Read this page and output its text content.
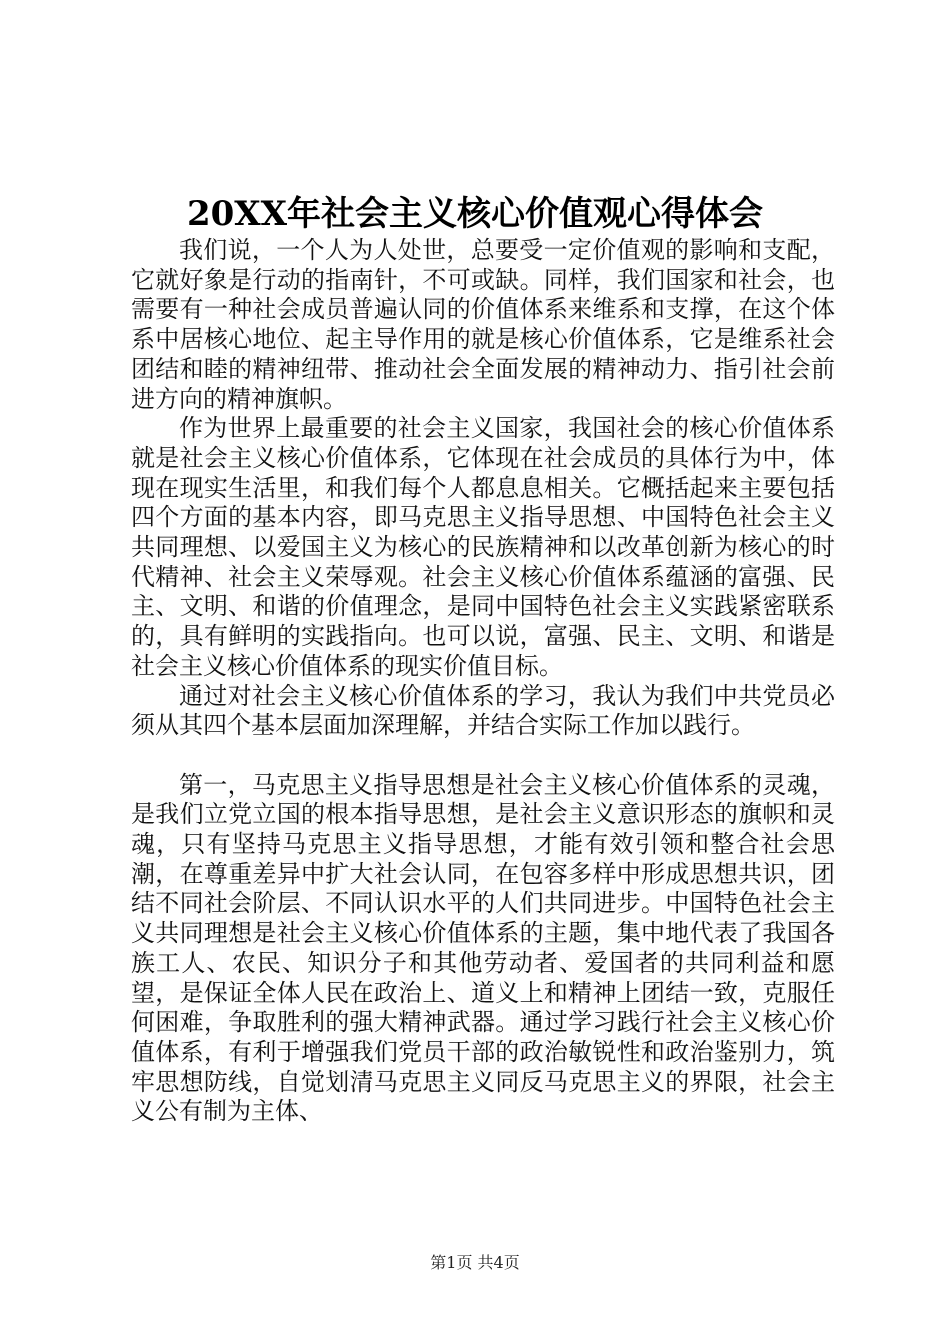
20XX年社会主义核心价值观心得体会

我们说，一个人为人处世，总要受一定价值观的影响和支配，它就好象是行动的指南针，不可或缺。同样，我们国家和社会，也需要有一种社会成员普遍认同的价值体系来维系和支撑，在这个体系中居核心地位、起主导作用的就是核心价值体系，它是维系社会团结和睦的精神纽带、推动社会全面发展的精神动力、指引社会前进方向的精神旗帜。

作为世界上最重要的社会主义国家，我国社会的核心价值体系就是社会主义核心价值体系，它体现在社会成员的具体行为中，体现在现实生活里，和我们每个人都息息相关。它概括起来主要包括四个方面的基本内容，即马克思主义指导思想、中国特色社会主义共同理想、以爱国主义为核心的民族精神和以改革创新为核心的时代精神、社会主义荣辱观。社会主义核心价值体系蕴涵的富强、民主、文明、和谐的价值理念，是同中国特色社会主义实践紧密联系的，具有鲜明的实践指向。也可以说，富强、民主、文明、和谐是社会主义核心价值体系的现实价值目标。

通过对社会主义核心价值体系的学习，我认为我们中共党员必须从其四个基本层面加深理解，并结合实际工作加以践行。

第一，马克思主义指导思想是社会主义核心价值体系的灵魂，是我们立党立国的根本指导思想，是社会主义意识形态的旗帜和灵魂，只有坚持马克思主义指导思想，才能有效引领和整合社会思潮，在尊重差异中扩大社会认同，在包容多样中形成思想共识，团结不同社会阶层、不同认识水平的人们共同进步。中国特色社会主义共同理想是社会主义核心价值体系的主题，集中地代表了我国各族工人、农民、知识分子和其他劳动者、爱国者的共同利益和愿望，是保证全体人民在政治上、道义上和精神上团结一致，克服任何困难，争取胜利的强大精神武器。通过学习践行社会主义核心价值体系，有利于增强我们党员干部的政治敏锐性和政治鉴别力，筑牢思想防线，自觉划清马克思主义同反马克思主义的界限，社会主义公有制为主体、

第1页 共4页
